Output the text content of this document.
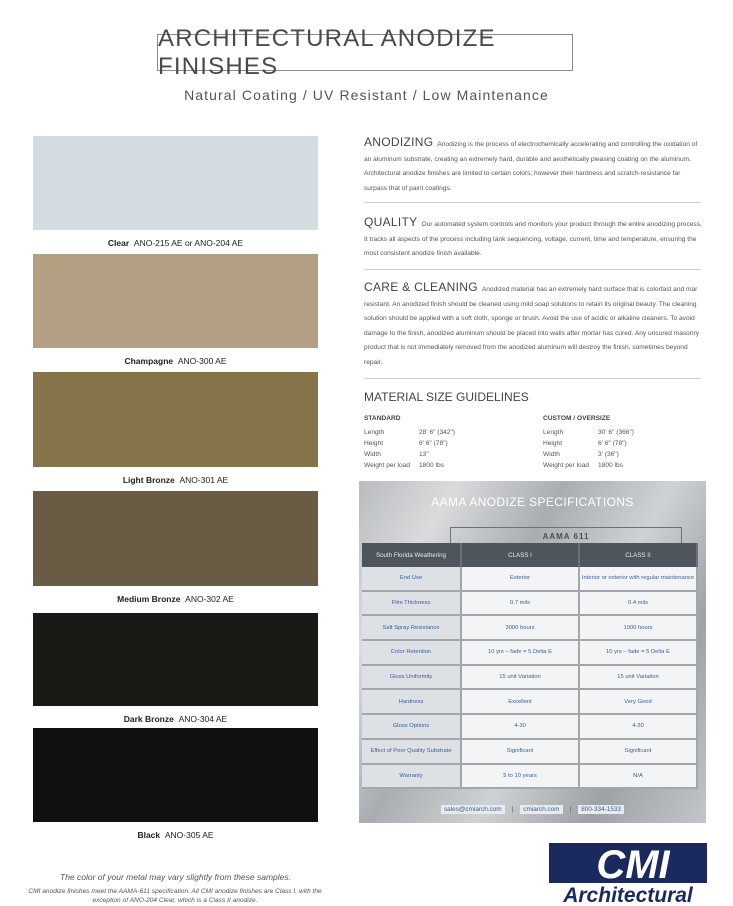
ARCHITECTURAL ANODIZE FINISHES
Natural Coating / UV Resistant / Low Maintenance
Clear ANO-215 AE or ANO-204 AE
Champagne ANO-300 AE
Light Bronze ANO-301 AE
Medium Bronze ANO-302 AE
Dark Bronze ANO-304 AE
Black ANO-305 AE
ANODIZING Anodizing is the process of electrochemically accelerating and controlling the oxidation of an aluminum substrate, creating an extremely hard, durable and aesthetically pleasing coating on the aluminum. Architectural anodize finishes are limited to certain colors; however their hardness and scratch-resistance far surpass that of paint coatings.
QUALITY Our automated system controls and monitors your product through the entire anodizing process. It tracks all aspects of the process including tank sequencing, voltage, current, time and temperature, ensuring the most consistent anodize finish available.
CARE & CLEANING Anodized material has an extremely hard surface that is colorfast and mar resistant. An anodized finish should be cleaned using mild soap solutions to retain its original beauty. The cleaning solution should be applied with a soft cloth, sponge or brush. Avoid the use of acidic or alkaline cleaners. To avoid damage to the finish, anodized aluminum should be placed into walls after mortar has cured. Any uncured masonry product that is not immediately removed from the anodized aluminum will destroy the finish, sometimes beyond repair.
MATERIAL SIZE GUIDELINES
STANDARD
Length	28' 6" (342")
Height	6' 6" (78")
Width	13"
Weight per load	1800 lbs
CUSTOM / OVERSIZE
Length	30' 6" (366")
Height	6' 6" (78")
Width	3' (36")
Weight per load	1800 lbs
AAMA ANODIZE SPECIFICATIONS
AAMA 611
South Florida Weathering	CLASS I	CLASS II
End Use	Exterior	Interior or exterior with regular maintenance
Film Thickness	0.7 mils	0.4 mils
Salt Spray Resistance	3000 hours	1000 hours
Color Retention	10 yrs – fade = 5 Delta E	10 yrs – fade = 5 Delta E
Gloss Uniformity	15 unit Variation	15 unit Variation
Hardness	Excellent	Very Good
Gloss Options	4-30	4-30
Effect of Poor Quality Substrate	Significant	Significant
Warranty	5 to 10 years	N/A
sales@cmiarch.com | cmiarch.com | 800-334-1533
The color of your metal may vary slightly from these samples.
CMI anodize finishes meet the AAMA-611 specification. All CMI anodize finishes are Class I, with the exception of ANO-204 Clear, which is a Class II anodize.
CMI
Architectural
